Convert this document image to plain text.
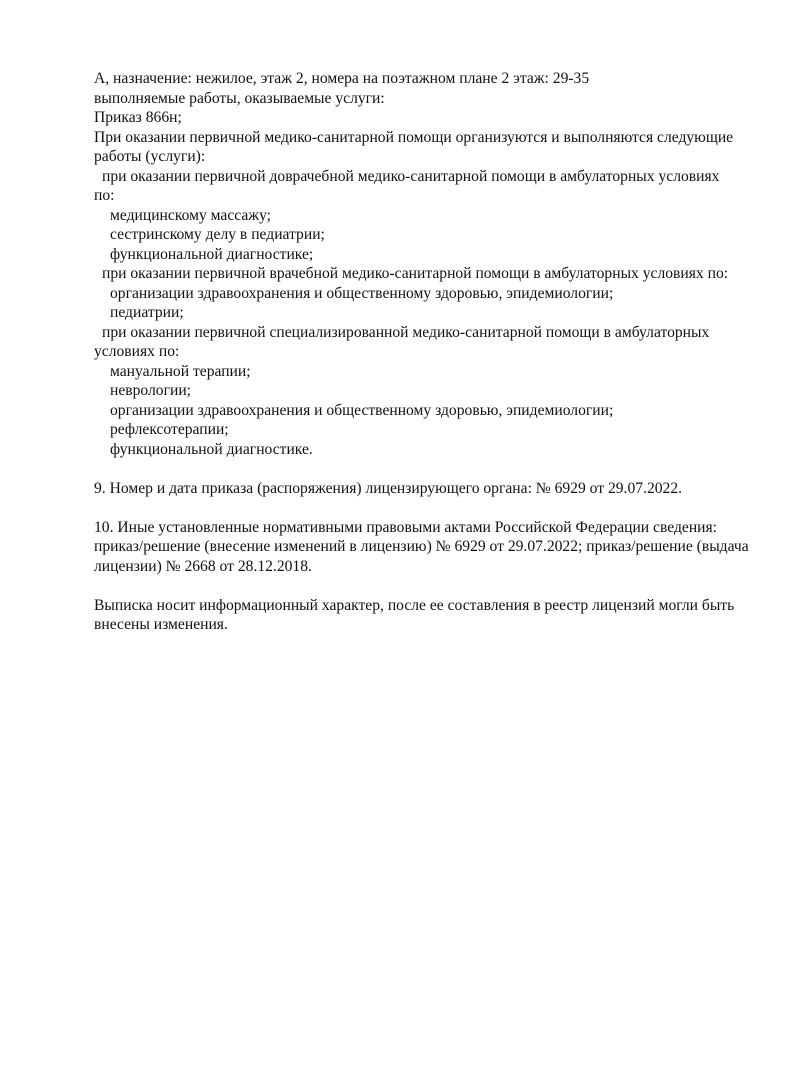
А, назначение: нежилое, этаж 2, номера на поэтажном плане 2 этаж: 29-35
выполняемые работы, оказываемые услуги:
Приказ 866н;
При оказании первичной медико-санитарной помощи организуются и выполняются следующие
работы (услуги):
при оказании первичной доврачебной медико-санитарной помощи в амбулаторных условиях
по:
медицинскому массажу;
сестринскому делу в педиатрии;
функциональной диагностике;
при оказании первичной врачебной медико-санитарной помощи в амбулаторных условиях по:
организации здравоохранения и общественному здоровью, эпидемиологии;
педиатрии;
при оказании первичной специализированной медико-санитарной помощи в амбулаторных
условиях по:
мануальной терапии;
неврологии;
организации здравоохранения и общественному здоровью, эпидемиологии;
рефлексотерапии;
функциональной диагностике.
9. Номер и дата приказа (распоряжения) лицензирующего органа: № 6929 от 29.07.2022.
10. Иные установленные нормативными правовыми актами Российской Федерации сведения:
приказ/решение (внесение изменений в лицензию) № 6929 от 29.07.2022; приказ/решение (выдача
лицензии) № 2668 от 28.12.2018.
Выписка носит информационный характер, после ее составления в реестр лицензий могли быть
внесены изменения.
